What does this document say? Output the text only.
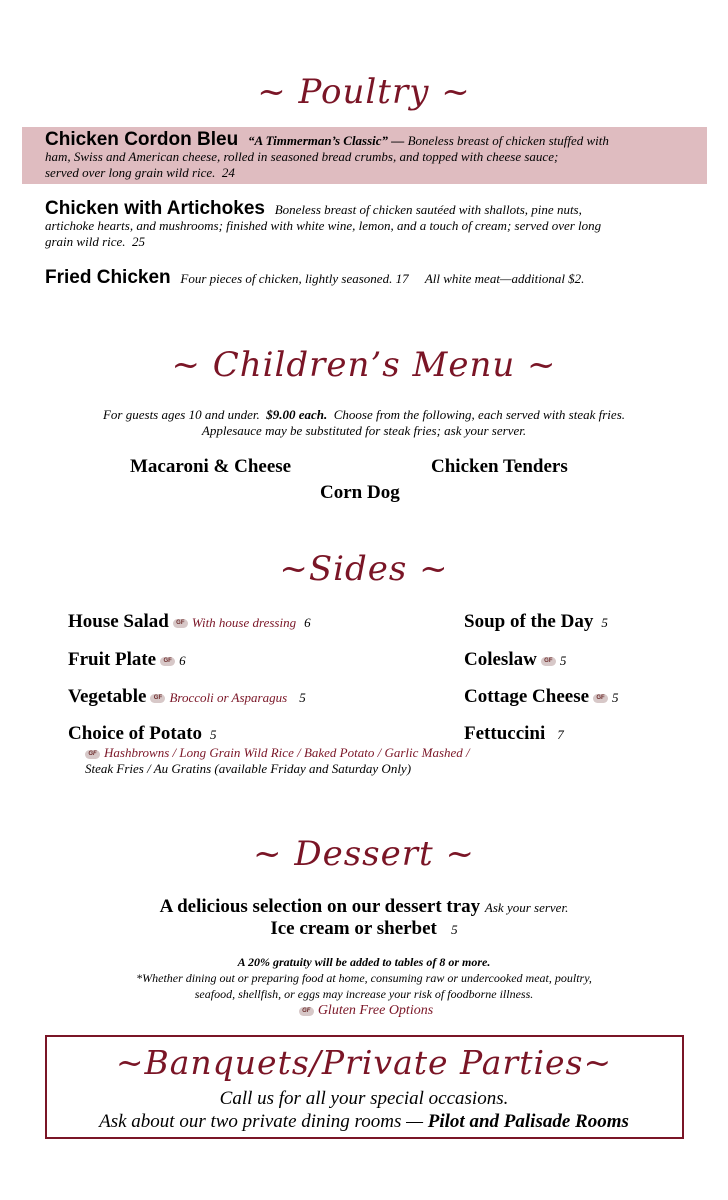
~ Poultry ~
Chicken Cordon Bleu “A Timmerman’s Classic” — Boneless breast of chicken stuffed with
ham, Swiss and American cheese, rolled in seasoned bread crumbs, and topped with cheese sauce;
served over long grain wild rice. 24
Chicken with Artichokes Boneless breast of chicken sautéed with shallots, pine nuts,
artichoke hearts, and mushrooms; finished with white wine, lemon, and a touch of cream; served over long
grain wild rice. 25
Fried Chicken Four pieces of chicken, lightly seasoned. 17 All white meat—additional $2.
~ Children’s Menu ~
For guests ages 10 and under. $9.00 each. Choose from the following, each served with steak fries.
Applesauce may be substituted for steak fries; ask your server.
Macaroni & Cheese	Chicken Tenders
Corn Dog
~Sides ~
House Salad GF With house dressing 6
Fruit Plate GF 6
Vegetable GF Broccoli or Asparagus 5
Choice of Potato 5
GF Hashbrowns / Long Grain Wild Rice / Baked Potato / Garlic Mashed /
Steak Fries / Au Gratins (available Friday and Saturday Only)
Soup of the Day 5
Coleslaw GF 5
Cottage Cheese GF 5
Fettuccini 7
~ Dessert ~
A delicious selection on our dessert tray Ask your server.
Ice cream or sherbet 5
A 20% gratuity will be added to tables of 8 or more.
*Whether dining out or preparing food at home, consuming raw or undercooked meat, poultry,
seafood, shellfish, or eggs may increase your risk of foodborne illness.
GF Gluten Free Options
~Banquets/Private Parties~
Call us for all your special occasions.
Ask about our two private dining rooms — Pilot and Palisade Rooms
